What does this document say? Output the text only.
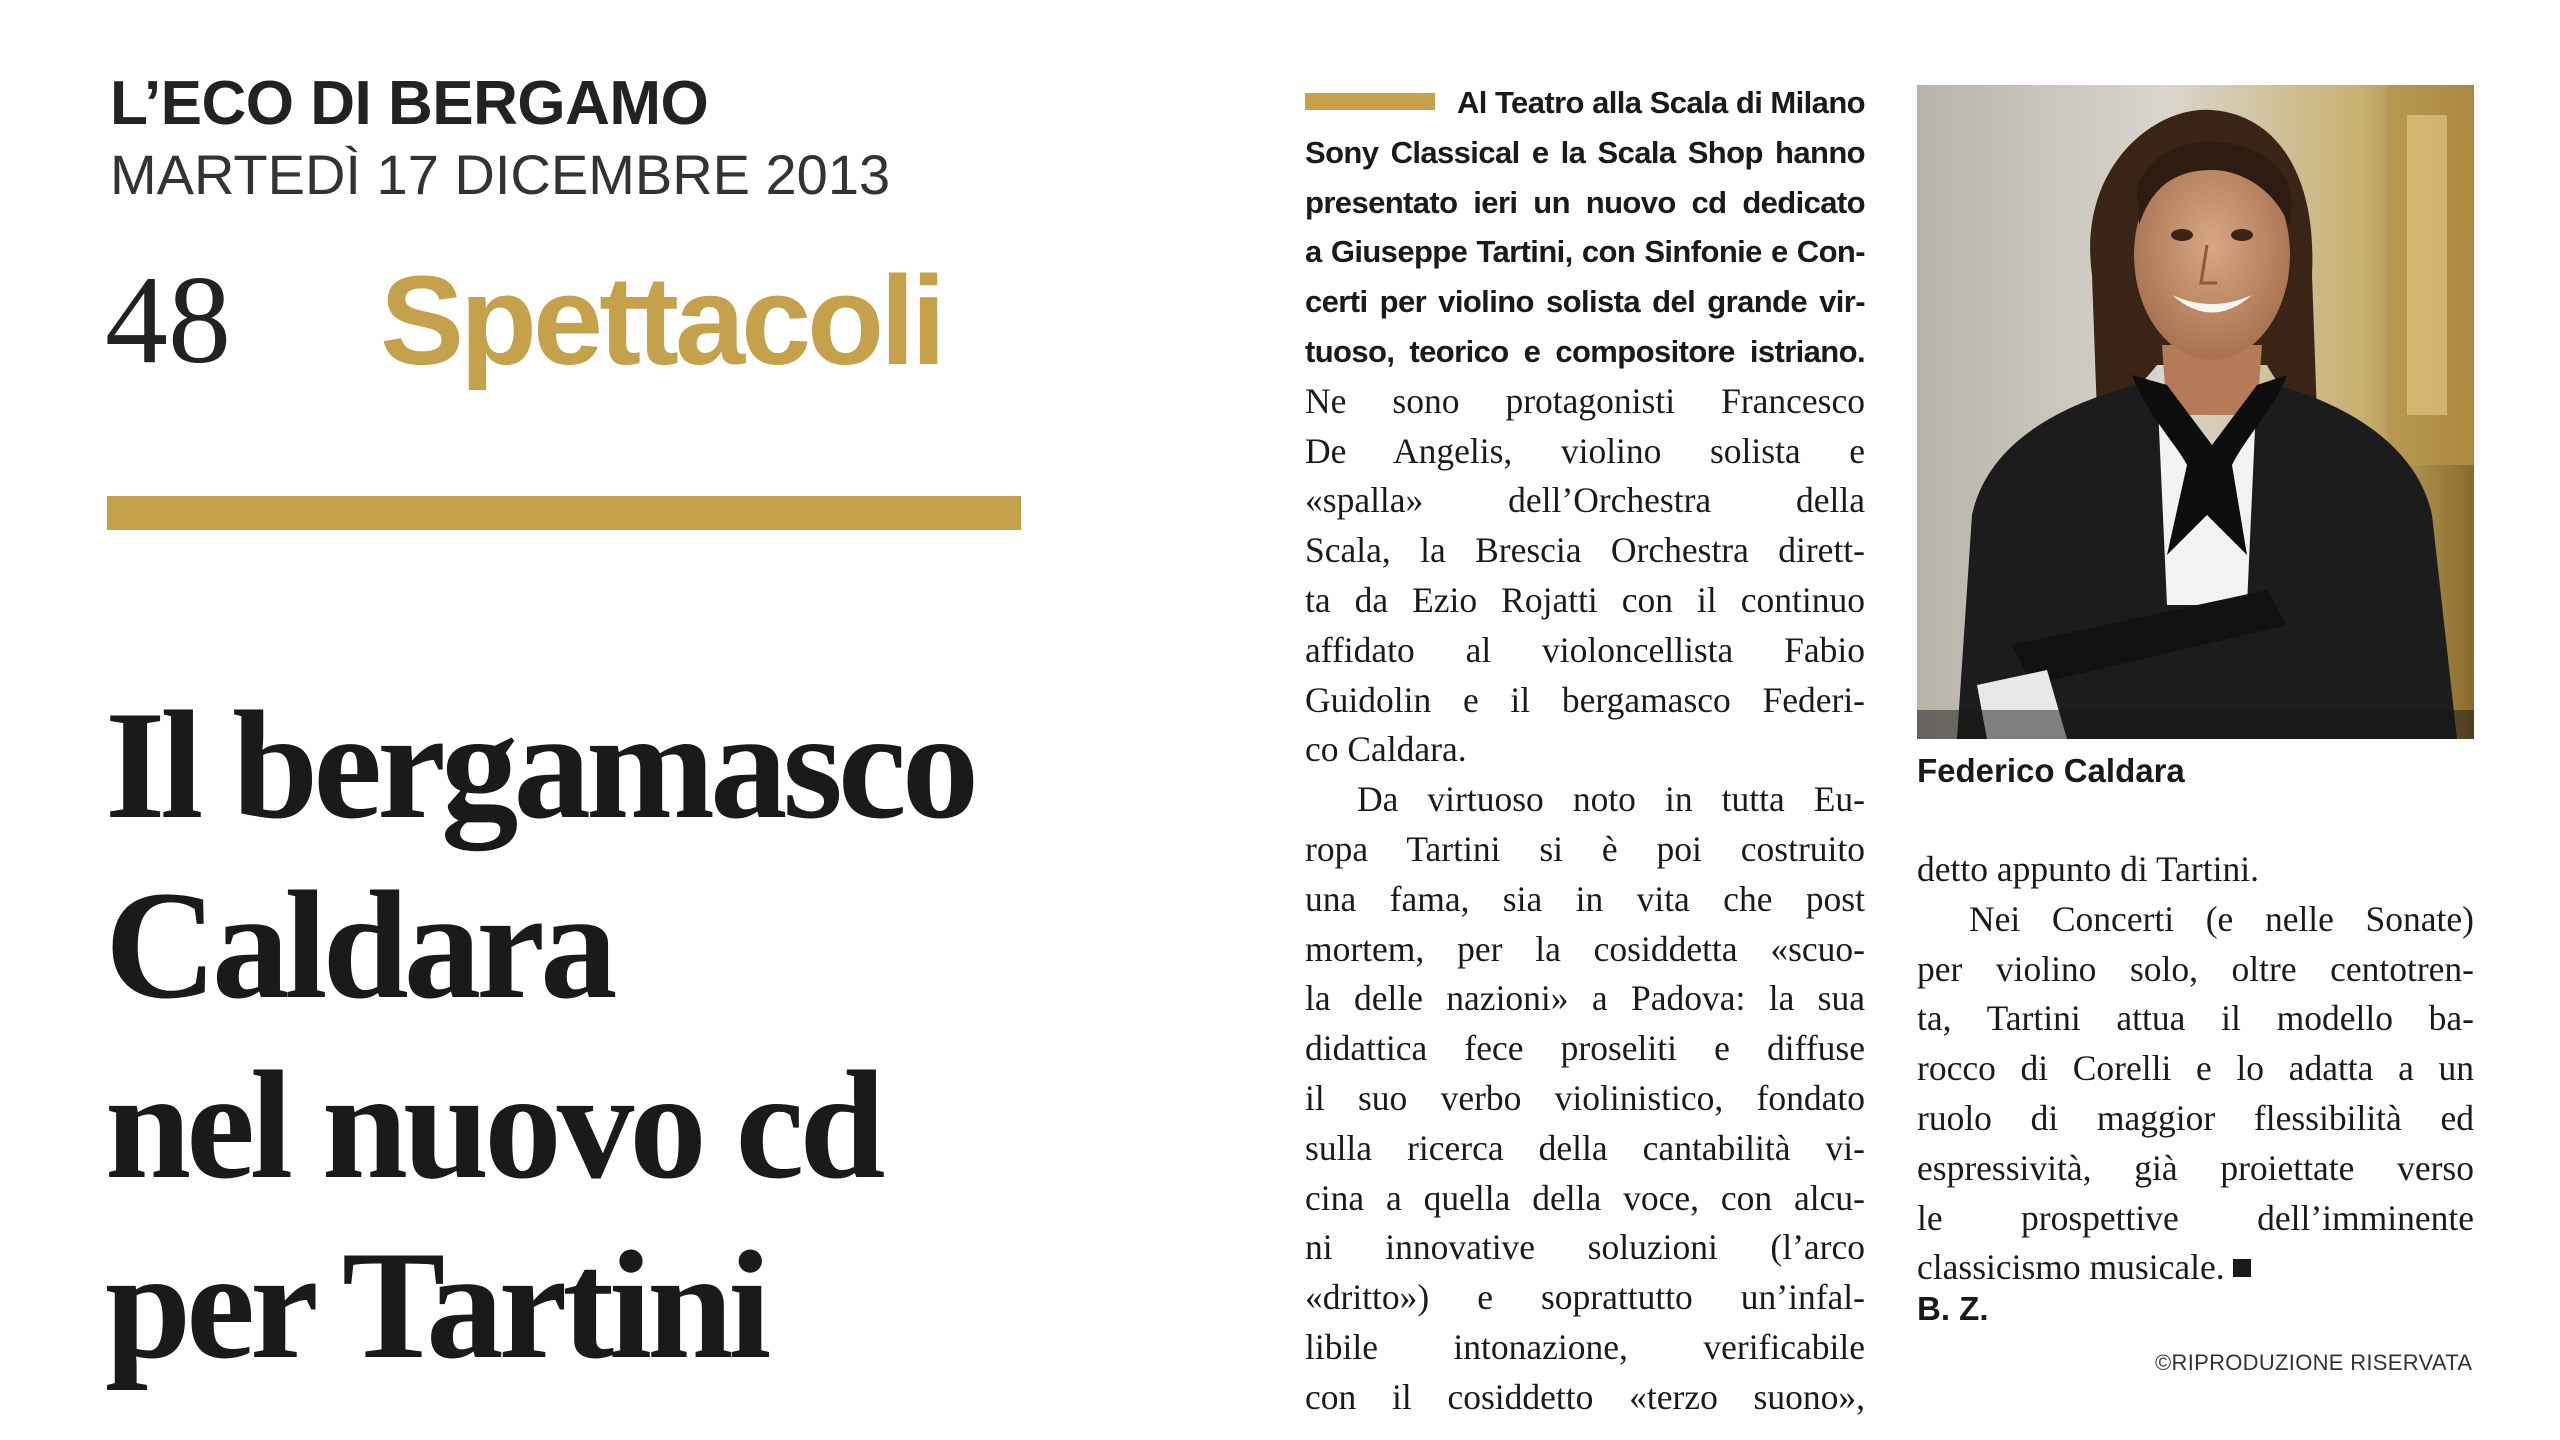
L’ECO DI BERGAMO
MARTEDÌ 17 DICEMBRE 2013
48 Spettacoli
Il bergamasco
Caldara
nel nuovo cd
per Tartini
Al Teatro alla Scala di Milano
Sony Classical e la Scala Shop hanno
presentato ieri un nuovo cd dedicato
a Giuseppe Tartini, con Sinfonie e Con-
certi per violino solista del grande vir-
tuoso, teorico e compositore istriano.
Ne sono protagonisti Francesco
De Angelis, violino solista e
«spalla» dell’Orchestra della
Scala, la Brescia Orchestra dirett-
ta da Ezio Rojatti con il continuo
affidato al violoncellista Fabio
Guidolin e il bergamasco Federi-
co Caldara.
Da virtuoso noto in tutta Eu-
ropa Tartini si è poi costruito
una fama, sia in vita che post
mortem, per la cosiddetta «scuo-
la delle nazioni» a Padova: la sua
didattica fece proseliti e diffuse
il suo verbo violinistico, fondato
sulla ricerca della cantabilità vi-
cina a quella della voce, con alcu-
ni innovative soluzioni (l’arco
«dritto») e soprattutto un’infal-
libile intonazione, verificabile
con il cosiddetto «terzo suono»,
Federico Caldara
detto appunto di Tartini.
Nei Concerti (e nelle Sonate)
per violino solo, oltre centotren-
ta, Tartini attua il modello ba-
rocco di Corelli e lo adatta a un
ruolo di maggior flessibilità ed
espressività, già proiettate verso
le prospettive dell’imminente
classicismo musicale.
B. Z.
©RIPRODUZIONE RISERVATA
